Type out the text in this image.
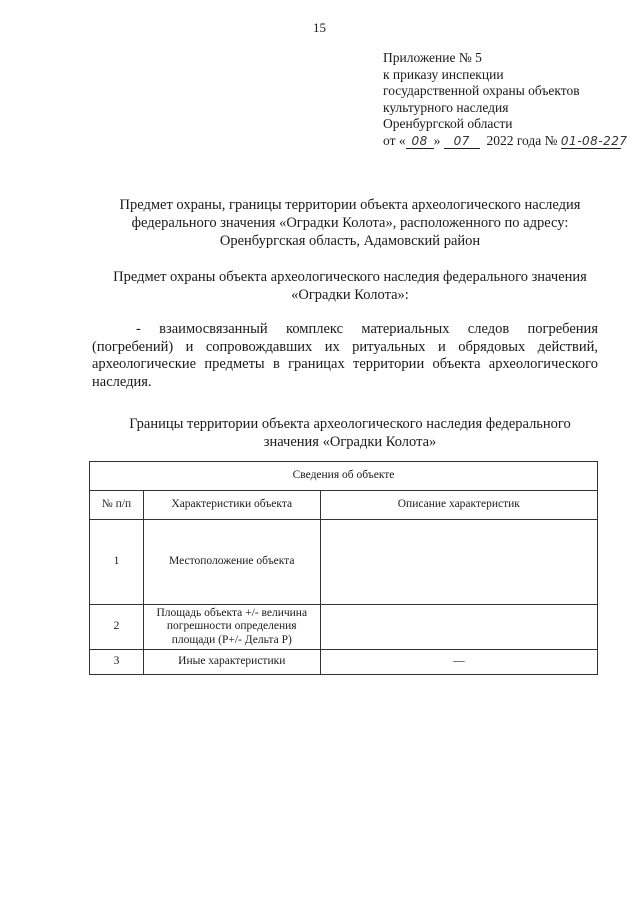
15
Приложение № 5
к приказу инспекции
государственной охраны объектов
культурного наследия
Оренбургской области
от « 08 » 07 2022 года № 01-08-227
Предмет охраны, границы территории объекта археологического наследия
федерального значения «Оградки Колота», расположенного по адресу:
Оренбургская область, Адамовский район
Предмет охраны объекта археологического наследия федерального значения
«Оградки Колота»:
- взаимосвязанный комплекс материальных следов погребения (погребений) и сопровождавших их ритуальных и обрядовых действий, археологические предметы в границах территории объекта археологического наследия.
Границы территории объекта археологического наследия федерального
значения «Оградки Колота»
Сведения об объекте		
№ п/п	Характеристики объекта	Описание характеристик
1	Местоположение объекта	
2	Площадь объекта +/- величина погрешности определения площади (Р+/- Дельта Р)	
3	Иные характеристики	—
